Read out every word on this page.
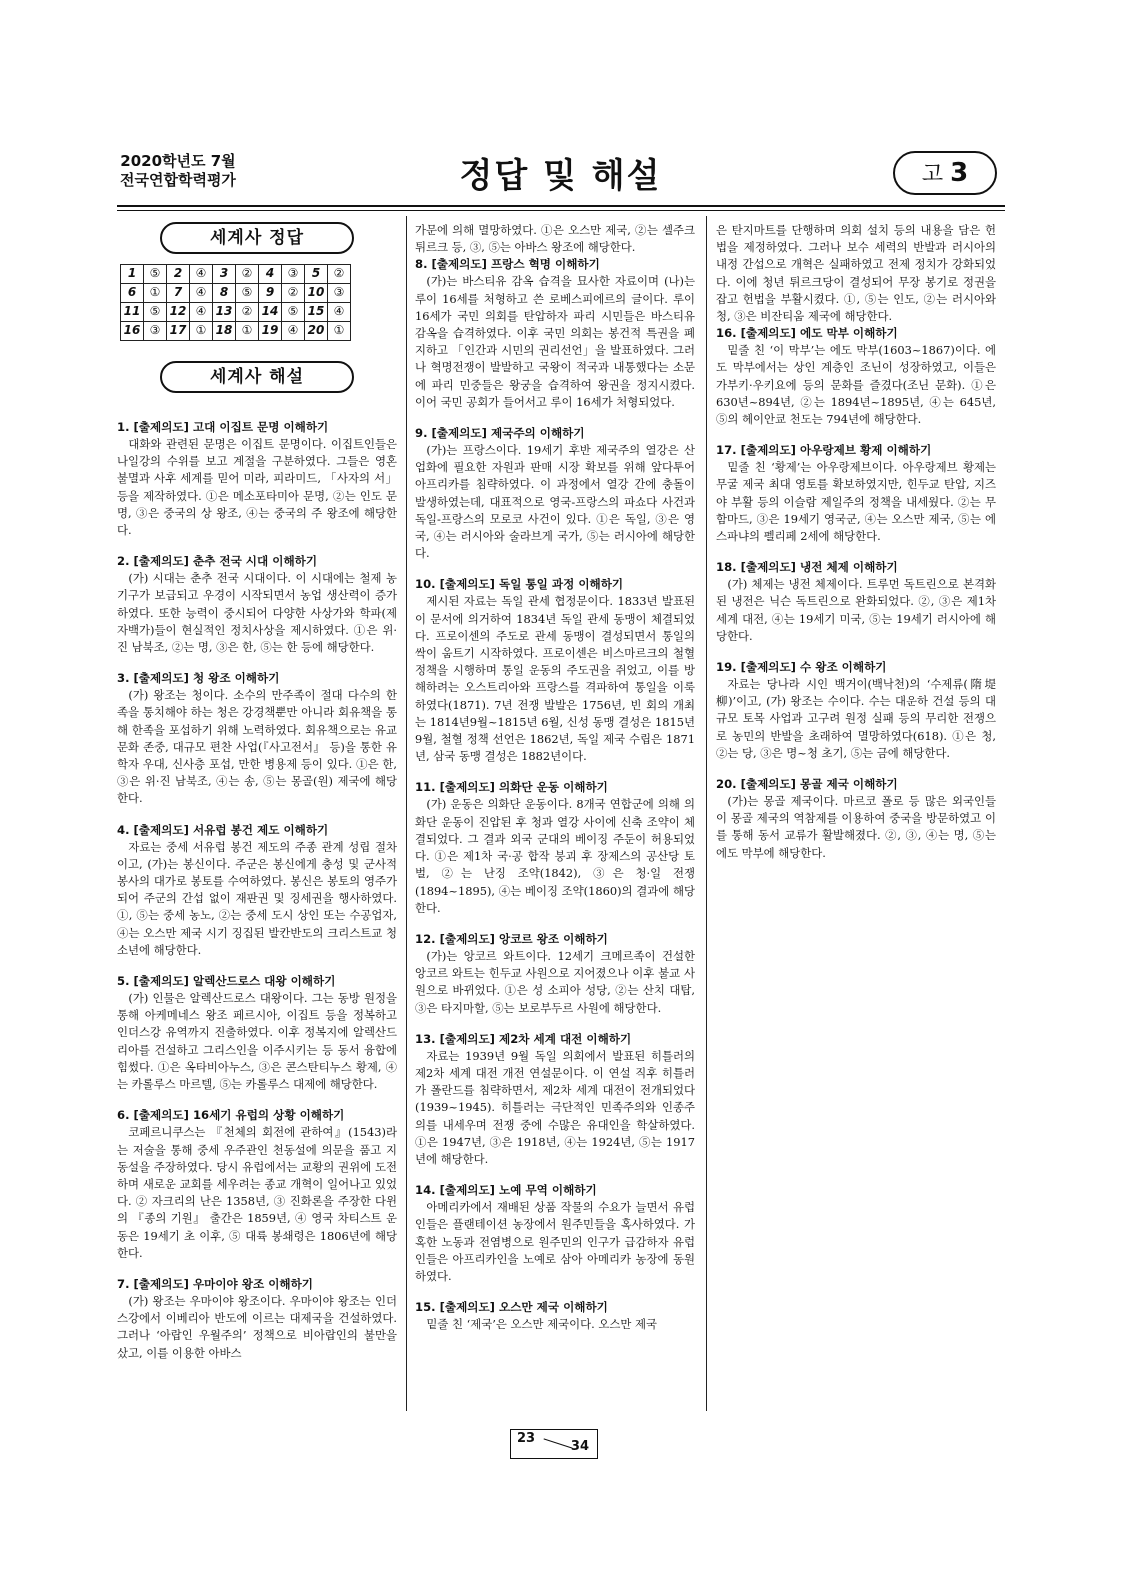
2020학년도 7월
전국연합학력평가	정답 및 해설	고 3
세계사 정답
1	⑤	2	④	3	②	4	③	5	②
6	①	7	④	8	⑤	9	②	10	③
11	⑤	12	④	13	②	14	⑤	15	④
16	③	17	①	18	①	19	④	20	①
세계사 해설
1. [출제의도] 고대 이집트 문명 이해하기

대화와 관련된 문명은 이집트 문명이다. 이집트인들은 나일강의 수위를 보고 계절을 구분하였다. 그들은 영혼 불멸과 사후 세계를 믿어 미라, 피라미드, 「사자의 서」 등을 제작하였다. ①은 메소포타미아 문명, ②는 인도 문명, ③은 중국의 상 왕조, ④는 중국의 주 왕조에 해당한다.

2. [출제의도] 춘추 전국 시대 이해하기

(가) 시대는 춘추 전국 시대이다. 이 시대에는 철제 농기구가 보급되고 우경이 시작되면서 농업 생산력이 증가하였다. 또한 능력이 중시되어 다양한 사상가와 학파(제자백가)들이 현실적인 정치사상을 제시하였다. ①은 위·진 남북조, ②는 명, ③은 한, ⑤는 한 등에 해당한다.

3. [출제의도] 청 왕조 이해하기

(가) 왕조는 청이다. 소수의 만주족이 절대 다수의 한족을 통치해야 하는 청은 강경책뿐만 아니라 회유책을 통해 한족을 포섭하기 위해 노력하였다. 회유책으로는 유교 문화 존중, 대규모 편찬 사업(『사고전서』 등)을 통한 유학자 우대, 신사층 포섭, 만한 병용제 등이 있다. ①은 한, ③은 위·진 남북조, ④는 송, ⑤는 몽골(원) 제국에 해당한다.

4. [출제의도] 서유럽 봉건 제도 이해하기

자료는 중세 서유럽 봉건 제도의 주종 관계 성립 절차이고, (가)는 봉신이다. 주군은 봉신에게 충성 및 군사적 봉사의 대가로 봉토를 수여하였다. 봉신은 봉토의 영주가 되어 주군의 간섭 없이 재판권 및 징세권을 행사하였다. ①, ⑤는 중세 농노, ②는 중세 도시 상인 또는 수공업자, ④는 오스만 제국 시기 징집된 발칸반도의 크리스트교 청소년에 해당한다.

5. [출제의도] 알렉산드로스 대왕 이해하기

(가) 인물은 알렉산드로스 대왕이다. 그는 동방 원정을 통해 아케메네스 왕조 페르시아, 이집트 등을 정복하고 인더스강 유역까지 진출하였다. 이후 정복지에 알렉산드리아를 건설하고 그리스인을 이주시키는 등 동서 융합에 힘썼다. ①은 옥타비아누스, ③은 콘스탄티누스 황제, ④는 카롤루스 마르텔, ⑤는 카롤루스 대제에 해당한다.

6. [출제의도] 16세기 유럽의 상황 이해하기

코페르니쿠스는 『천체의 회전에 관하여』(1543)라는 저술을 통해 중세 우주관인 천동설에 의문을 품고 지동설을 주장하였다. 당시 유럽에서는 교황의 권위에 도전하며 새로운 교회를 세우려는 종교 개혁이 일어나고 있었다. ② 자크리의 난은 1358년, ③ 진화론을 주장한 다윈의 『종의 기원』 출간은 1859년, ④ 영국 차티스트 운동은 19세기 초 이후, ⑤ 대륙 봉쇄령은 1806년에 해당한다.

7. [출제의도] 우마이야 왕조 이해하기

(가) 왕조는 우마이야 왕조이다. 우마이야 왕조는 인더스강에서 이베리아 반도에 이르는 대제국을 건설하였다. 그러나 ‘아랍인 우월주의’ 정책으로 비아랍인의 불만을 샀고, 이를 이용한 아바스

가문에 의해 멸망하였다. ①은 오스만 제국, ②는 셀주크 튀르크 등, ③, ⑤는 아바스 왕조에 해당한다.

8. [출제의도] 프랑스 혁명 이해하기

(가)는 바스티유 감옥 습격을 묘사한 자료이며 (나)는 루이 16세를 처형하고 쓴 로베스피에르의 글이다. 루이 16세가 국민 의회를 탄압하자 파리 시민들은 바스티유 감옥을 습격하였다. 이후 국민 의회는 봉건적 특권을 폐지하고 「인간과 시민의 권리선언」을 발표하였다. 그러나 혁명전쟁이 발발하고 국왕이 적국과 내통했다는 소문에 파리 민중들은 왕궁을 습격하여 왕권을 정지시켰다. 이어 국민 공회가 들어서고 루이 16세가 처형되었다.

9. [출제의도] 제국주의 이해하기

(가)는 프랑스이다. 19세기 후반 제국주의 열강은 산업화에 필요한 자원과 판매 시장 확보를 위해 앞다투어 아프리카를 침략하였다. 이 과정에서 열강 간에 충돌이 발생하였는데, 대표적으로 영국-프랑스의 파쇼다 사건과 독일-프랑스의 모로코 사건이 있다. ①은 독일, ③은 영국, ④는 러시아와 술라브게 국가, ⑤는 러시아에 해당한다.

10. [출제의도] 독일 통일 과정 이해하기

제시된 자료는 독일 관세 협정문이다. 1833년 발표된 이 문서에 의거하여 1834년 독일 관세 동맹이 체결되었다. 프로이센의 주도로 관세 동맹이 결성되면서 통일의 싹이 움트기 시작하였다. 프로이센은 비스마르크의 철혈 정책을 시행하며 통일 운동의 주도권을 쥐었고, 이를 방해하려는 오스트리아와 프랑스를 격파하여 통일을 이룩하였다(1871). 7년 전쟁 발발은 1756년, 빈 회의 개최는 1814년9월~1815년 6월, 신성 동맹 결성은 1815년 9월, 철혈 정책 선언은 1862년, 독일 제국 수립은 1871년, 삼국 동맹 결성은 1882년이다.

11. [출제의도] 의화단 운동 이해하기

(가) 운동은 의화단 운동이다. 8개국 연합군에 의해 의화단 운동이 진압된 후 청과 열강 사이에 신축 조약이 체결되었다. 그 결과 외국 군대의 베이징 주둔이 허용되었다. ①은 제1차 국·공 합작 붕괴 후 장제스의 공산당 토벌, ②는 난징 조약(1842), ③은 청·일 전쟁(1894~1895), ④는 베이징 조약(1860)의 결과에 해당한다.

12. [출제의도] 앙코르 왕조 이해하기

(가)는 앙코르 와트이다. 12세기 크메르족이 건설한 앙코르 와트는 힌두교 사원으로 지어졌으나 이후 불교 사원으로 바뀌었다. ①은 성 소피아 성당, ②는 산치 대탑, ③은 타지마할, ⑤는 보로부두르 사원에 해당한다.

13. [출제의도] 제2차 세계 대전 이해하기

자료는 1939년 9월 독일 의회에서 발표된 히틀러의 제2차 세계 대전 개전 연설문이다. 이 연설 직후 히틀러가 폴란드를 침략하면서, 제2차 세계 대전이 전개되었다(1939~1945). 히틀러는 극단적인 민족주의와 인종주의를 내세우며 전쟁 중에 수많은 유대인을 학살하였다. ①은 1947년, ③은 1918년, ④는 1924년, ⑤는 1917년에 해당한다.

14. [출제의도] 노예 무역 이해하기

아메리카에서 재배된 상품 작물의 수요가 늘면서 유럽인들은 플랜테이션 농장에서 원주민들을 혹사하였다. 가혹한 노동과 전염병으로 원주민의 인구가 급감하자 유럽인들은 아프리카인을 노예로 삼아 아메리카 농장에 동원하였다.

15. [출제의도] 오스만 제국 이해하기

밑줄 친 ‘제국’은 오스만 제국이다. 오스만 제국

은 탄지마트를 단행하며 의회 설치 등의 내용을 담은 헌법을 제정하였다. 그러나 보수 세력의 반발과 러시아의 내정 간섭으로 개혁은 실패하였고 전제 정치가 강화되었다. 이에 청년 튀르크당이 결성되어 무장 봉기로 정권을 잡고 헌법을 부활시켰다. ①, ⑤는 인도, ②는 러시아와 청, ③은 비잔티움 제국에 해당한다.

16. [출제의도] 에도 막부 이해하기

밑줄 친 ‘이 막부’는 에도 막부(1603~1867)이다. 에도 막부에서는 상인 계층인 조닌이 성장하였고, 이들은 가부키·우키요에 등의 문화를 즐겼다(조닌 문화). ①은 630년~894년, ②는 1894년~1895년, ④는 645년, ⑤의 헤이안쿄 천도는 794년에 해당한다.

17. [출제의도] 아우랑제브 황제 이해하기

밑줄 친 ‘황제’는 아우랑제브이다. 아우랑제브 황제는 무굴 제국 최대 영토를 확보하였지만, 힌두교 탄압, 지즈야 부활 등의 이슬람 제일주의 정책을 내세웠다. ②는 무함마드, ③은 19세기 영국군, ④는 오스만 제국, ⑤는 에스파냐의 펠리페 2세에 해당한다.

18. [출제의도] 냉전 체제 이해하기

(가) 체제는 냉전 체제이다. 트루먼 독트린으로 본격화된 냉전은 닉슨 독트린으로 완화되었다. ②, ③은 제1차 세계 대전, ④는 19세기 미국, ⑤는 19세기 러시아에 해당한다.

19. [출제의도] 수 왕조 이해하기

자료는 당나라 시인 백거이(백낙천)의 ‘수제류(隋堤柳)’이고, (가) 왕조는 수이다. 수는 대운하 건설 등의 대규모 토목 사업과 고구려 원정 실패 등의 무리한 전쟁으로 농민의 반발을 초래하여 멸망하였다(618). ①은 청, ②는 당, ③은 명~청 초기, ⑤는 금에 해당한다.

20. [출제의도] 몽골 제국 이해하기

(가)는 몽골 제국이다. 마르코 폴로 등 많은 외국인들이 몽골 제국의 역참제를 이용하여 중국을 방문하였고 이를 통해 동서 교류가 활발해졌다. ②, ③, ④는 명, ⑤는 에도 막부에 해당한다.

23
34
